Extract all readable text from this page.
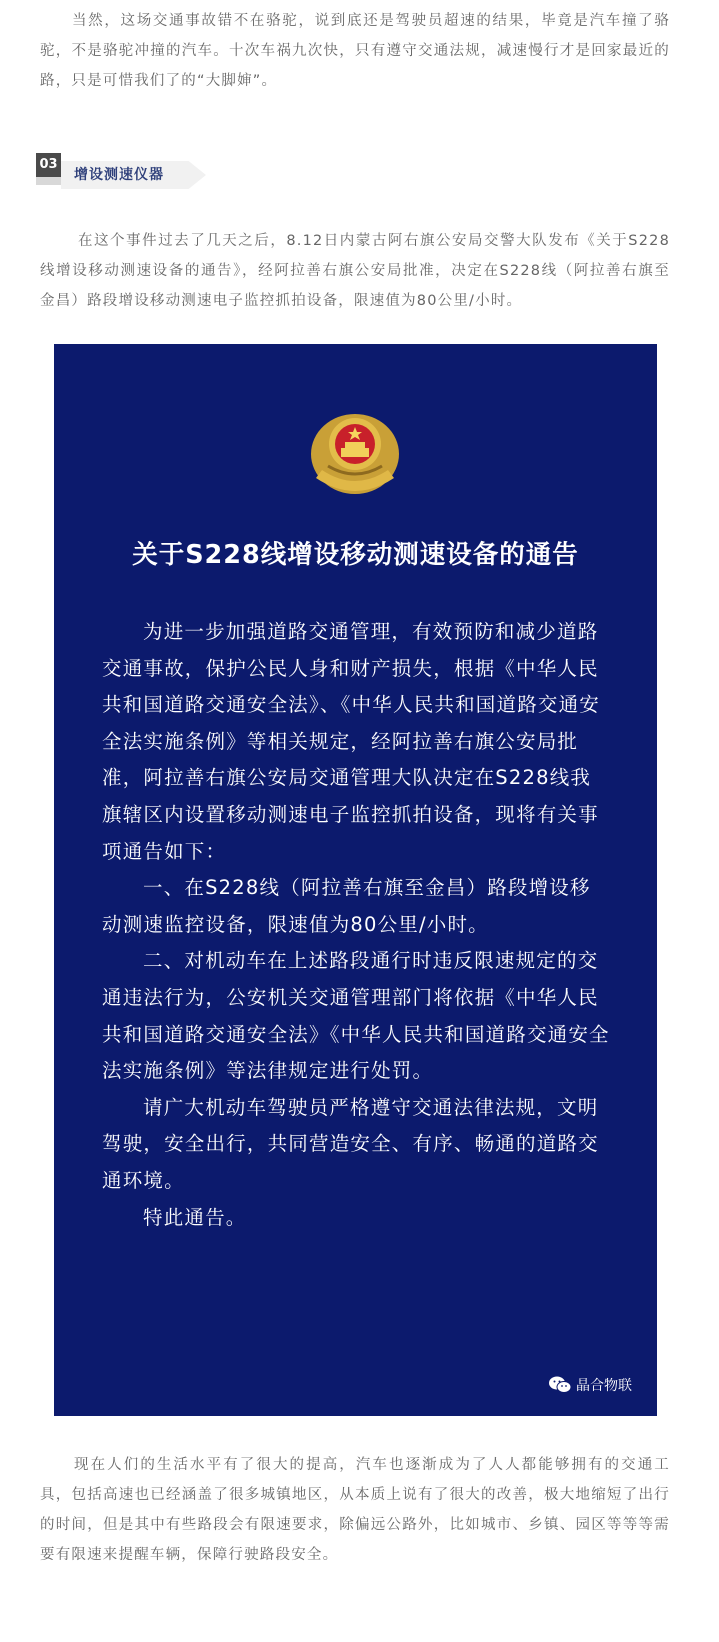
当然，这场交通事故错不在骆驼，说到底还是驾驶员超速的结果，毕竟是汽车撞了骆驼，不是骆驼冲撞的汽车。十次车祸九次快，只有遵守交通法规，减速慢行才是回家最近的路，只是可惜我们了的“大脚婶”。

03
增设测速仪器

在这个事件过去了几天之后，8.12日内蒙古阿右旗公安局交警大队发布《关于S228线增设移动测速设备的通告》，经阿拉善右旗公安局批准，决定在S228线（阿拉善右旗至金昌）路段增设移动测速电子监控抓拍设备，限速值为80公里/小时。

关于S228线增设移动测速设备的通告

为进一步加强道路交通管理，有效预防和减少道路交通事故，保护公民人身和财产损失，根据《中华人民共和国道路交通安全法》、《中华人民共和国道路交通安全法实施条例》等相关规定，经阿拉善右旗公安局批准，阿拉善右旗公安局交通管理大队决定在S228线我旗辖区内设置移动测速电子监控抓拍设备，现将有关事项通告如下：

一、在S228线（阿拉善右旗至金昌）路段增设移动测速监控设备，限速值为80公里/小时。

二、对机动车在上述路段通行时违反限速规定的交通违法行为，公安机关交通管理部门将依据《中华人民共和国道路交通安全法》《中华人民共和国道路交通安全法实施条例》等法律规定进行处罚。

请广大机动车驾驶员严格遵守交通法律法规，文明驾驶，安全出行，共同营造安全、有序、畅通的道路交通环境。

特此通告。

阿拉善右旗公安局交通管理大队
2021年8月12日
晶合物联

现在人们的生活水平有了很大的提高，汽车也逐渐成为了人人都能够拥有的交通工具，包括高速也已经涵盖了很多城镇地区，从本质上说有了很大的改善，极大地缩短了出行的时间，但是其中有些路段会有限速要求，除偏远公路外，比如城市、乡镇、园区等等等需要有限速来提醒车辆，保障行驶路段安全。
